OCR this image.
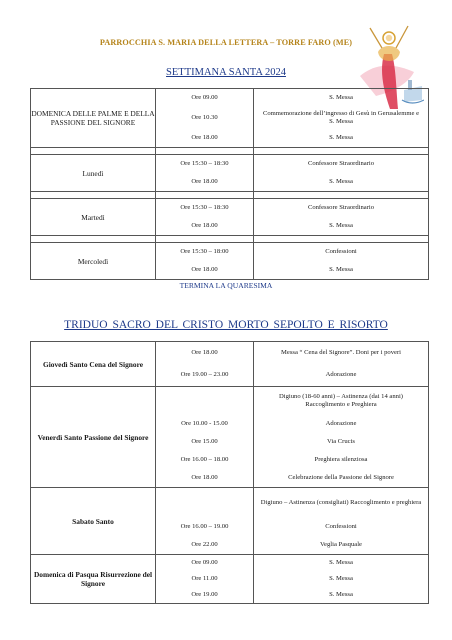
PARROCCHIA S. MARIA DELLA LETTERA – TORRE FARO (ME)
SETTIMANA SANTA 2024
DOMENICA DELLE PALME E DELLA PASSIONE DEL SIGNORE	Ore 09.00	S. Messa

Ore 10.30	Commemorazione dell’ingresso di Gesù in Gerusalemme e S. Messa

Ore 18.00	S. Messa

Lunedì	Ore 15:30 – 18:30	Confessore Straordinario

Ore 18.00	S. Messa

Martedì	Ore 15:30 – 18:30	Confessore Straordinario

Ore 18.00	S. Messa

Mercoledì	Ore 15:30 – 18:00	Confessioni

Ore 18.00	S. Messa
TERMINA LA QUARESIMA
TRIDUO SACRO DEL CRISTO MORTO SEPOLTO E RISORTO
Giovedì Santo Cena del Signore	Ore 18.00	Messa “ Cena del Signore”. Doni per i poveri

Ore 19.00 – 23.00	Adorazione

Venerdì Santo Passione del Signore		Digiuno (18-60 anni) – Astinenza (dai 14 anni) Raccoglimento e Preghiera

Ore 10.00 - 15.00	Adorazione

Ore 15.00	Via Crucis

Ore 16.00 – 18.00	Preghiera silenziosa

Ore 18.00	Celebrazione della Passione del Signore

Sabato Santo		Digiuno – Astinenza (consigliati) Raccoglimento e preghiera

Ore 16.00 – 19.00	Confessioni

Ore 22.00	Veglia Pasquale

Domenica di Pasqua Risurrezione del Signore	Ore 09.00	S. Messa

Ore 11.00	S. Messa

Ore 19.00	S. Messa
